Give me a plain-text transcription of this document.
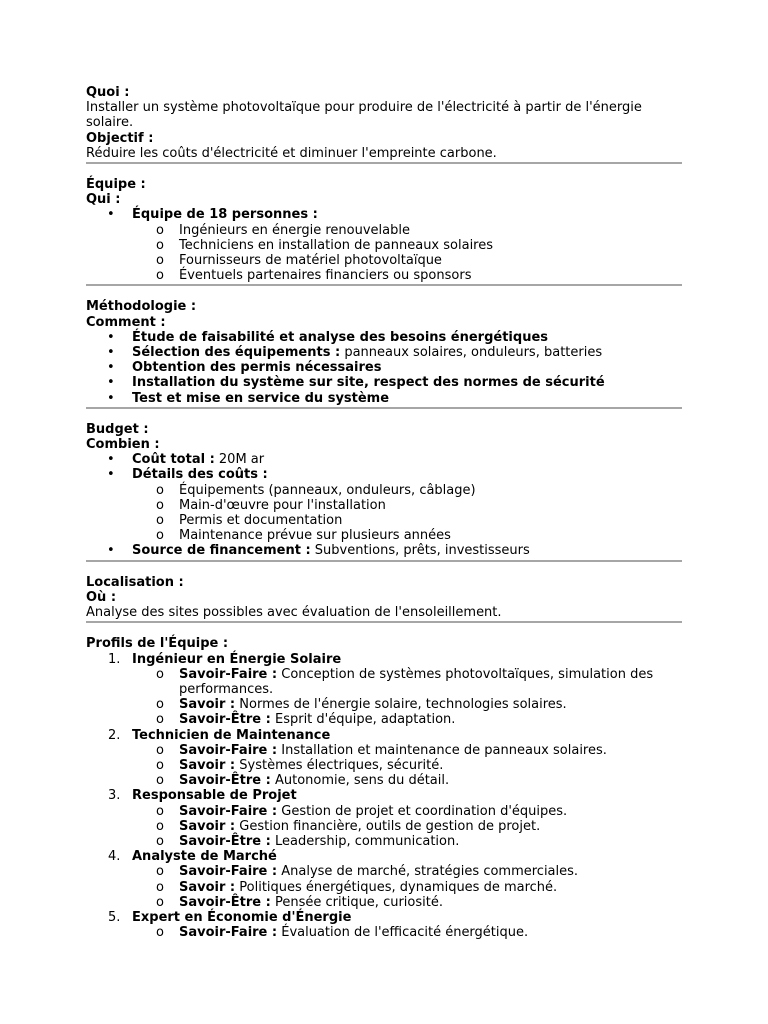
Quoi :

Installer un système photovoltaïque pour produire de l'électricité à partir de l'énergie solaire.

Objectif :

Réduire les coûts d'électricité et diminuer l'empreinte carbone.

Équipe :

Qui :

• Équipe de 18 personnes :
o Ingénieurs en énergie renouvelable
o Techniciens en installation de panneaux solaires
o Fournisseurs de matériel photovoltaïque
o Éventuels partenaires financiers ou sponsors

Méthodologie :

Comment :

• Étude de faisabilité et analyse des besoins énergétiques
• Sélection des équipements : panneaux solaires, onduleurs, batteries
• Obtention des permis nécessaires
• Installation du système sur site, respect des normes de sécurité
• Test et mise en service du système

Budget :

Combien :

• Coût total : 20M ar
• Détails des coûts :
o Équipements (panneaux, onduleurs, câblage)
o Main-d'œuvre pour l'installation
o Permis et documentation
o Maintenance prévue sur plusieurs années
• Source de financement : Subventions, prêts, investisseurs

Localisation :

Où :

Analyse des sites possibles avec évaluation de l'ensoleillement.

Profils de l'Équipe :

1. Ingénieur en Énergie Solaire
o Savoir-Faire : Conception de systèmes photovoltaïques, simulation des performances.
o Savoir : Normes de l'énergie solaire, technologies solaires.
o Savoir-Être : Esprit d'équipe, adaptation.
2. Technicien de Maintenance
o Savoir-Faire : Installation et maintenance de panneaux solaires.
o Savoir : Systèmes électriques, sécurité.
o Savoir-Être : Autonomie, sens du détail.
3. Responsable de Projet
o Savoir-Faire : Gestion de projet et coordination d'équipes.
o Savoir : Gestion financière, outils de gestion de projet.
o Savoir-Être : Leadership, communication.
4. Analyste de Marché
o Savoir-Faire : Analyse de marché, stratégies commerciales.
o Savoir : Politiques énergétiques, dynamiques de marché.
o Savoir-Être : Pensée critique, curiosité.
5. Expert en Économie d'Énergie
o Savoir-Faire : Évaluation de l'efficacité énergétique.
